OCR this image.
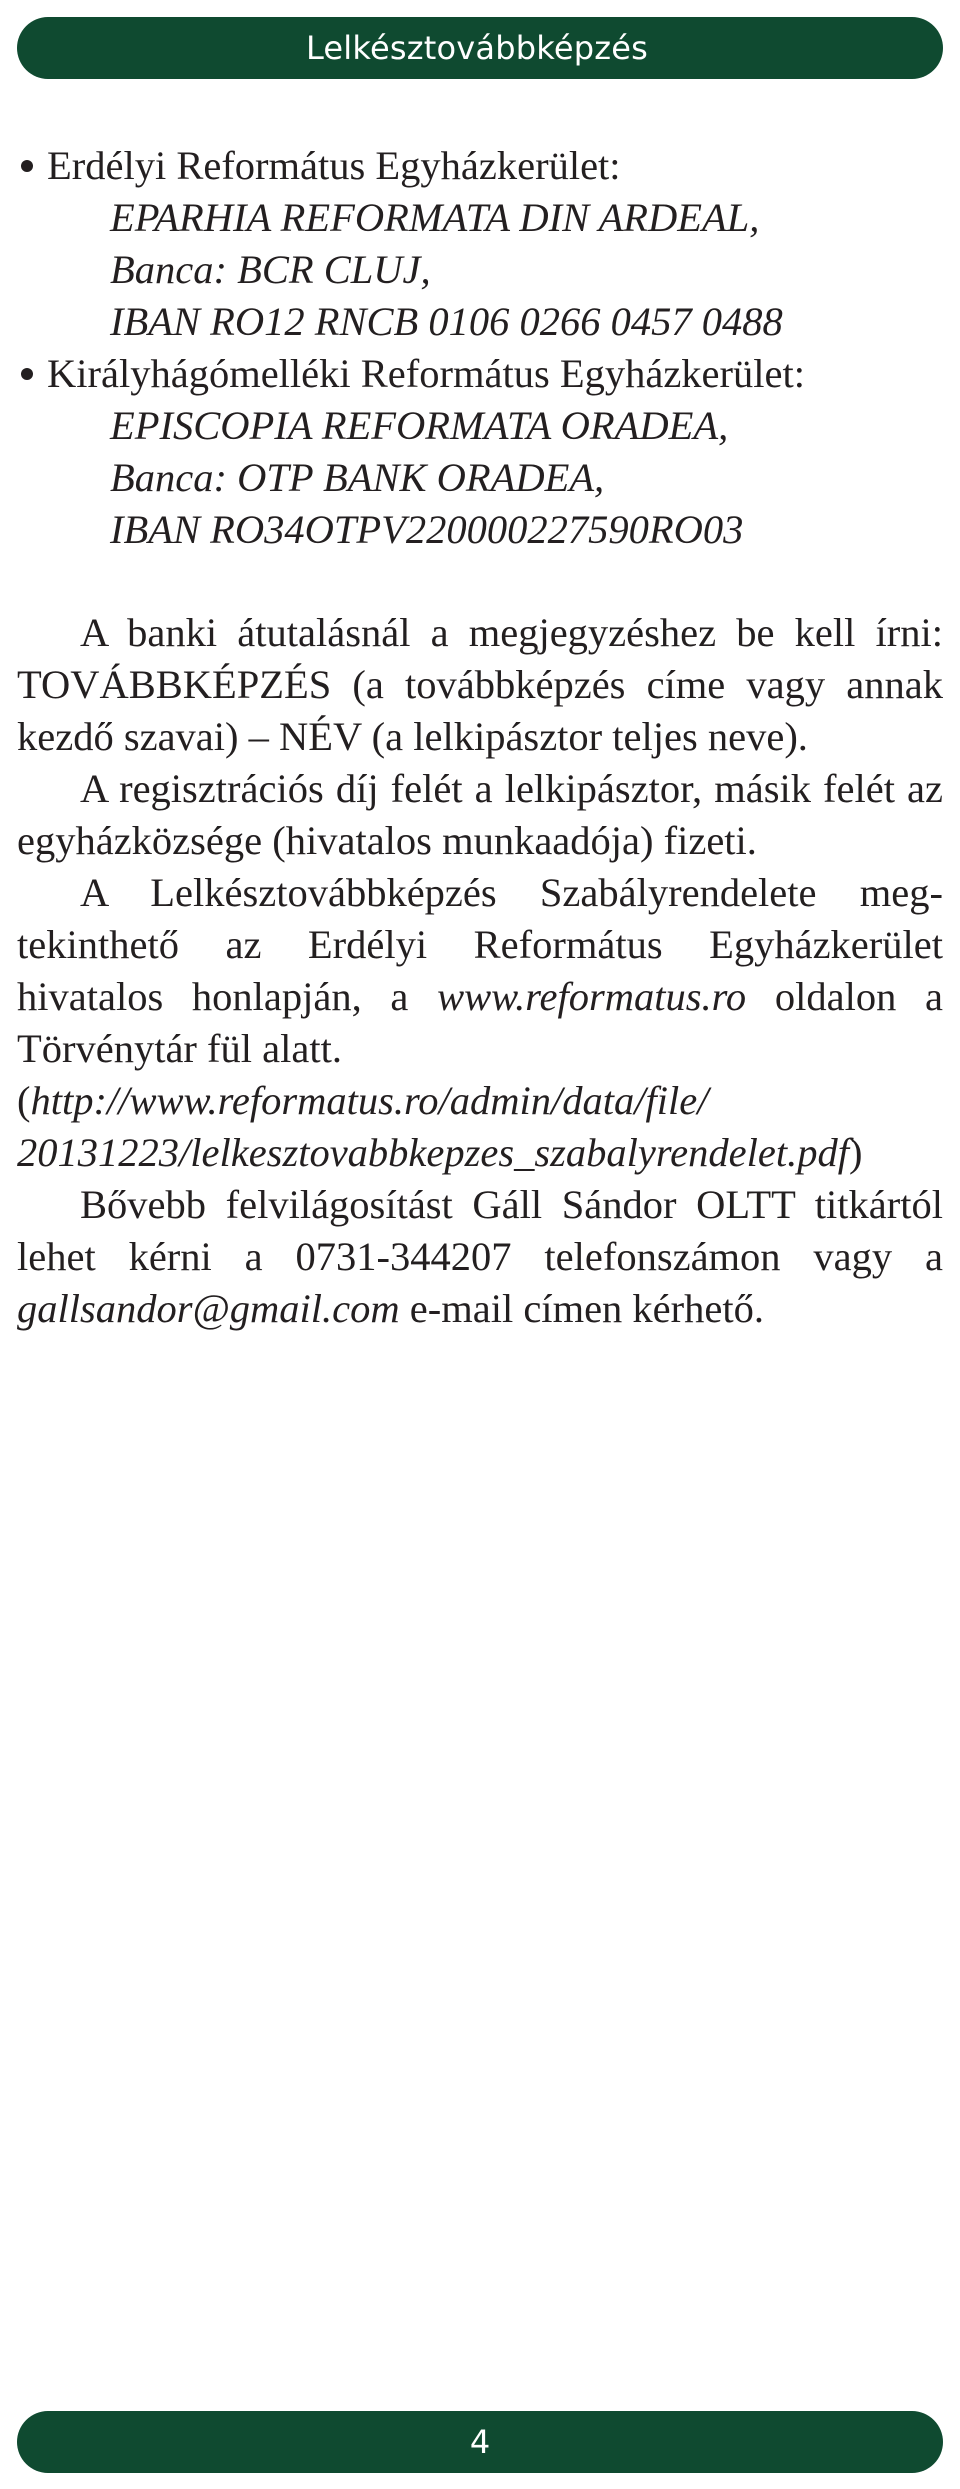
Lelkésztovábbképzés
Erdélyi Református Egyházkerület:
EPARHIA REFORMATA DIN ARDEAL,
Banca: BCR CLUJ,
IBAN RO12 RNCB 0106 0266 0457 0488
Királyhágómelléki Református Egyházkerület:
EPISCOPIA REFORMATA ORADEA,
Banca: OTP BANK ORADEA,
IBAN RO34OTPV220000227590RO03

A banki átutalásnál a megjegyzéshez be kell írni: TOVÁBBKÉPZÉS (a továbbképzés címe vagy annak kezdő szavai) – NÉV (a lelkipásztor teljes neve).

A regisztrációs díj felét a lelkipásztor, másik felét az egyházközsége (hivatalos munkaadója) fizeti.

A Lelkésztovábbképzés Szabályrendelete megtekinthető az Erdélyi Református Egyházkerület hivatalos honlapján, a www.reformatus.ro oldalon a Törvénytár fül alatt.

(http://www.reformatus.ro/admin/data/file/

20131223/lelkesztovabbkepzes_szabalyrendelet.pdf)

Bővebb felvilágosítást Gáll Sándor OLTT titkártól lehet kérni a 0731-344207 telefonszámon vagy a gallsandor@gmail.com e-mail címen kérhető.

4
